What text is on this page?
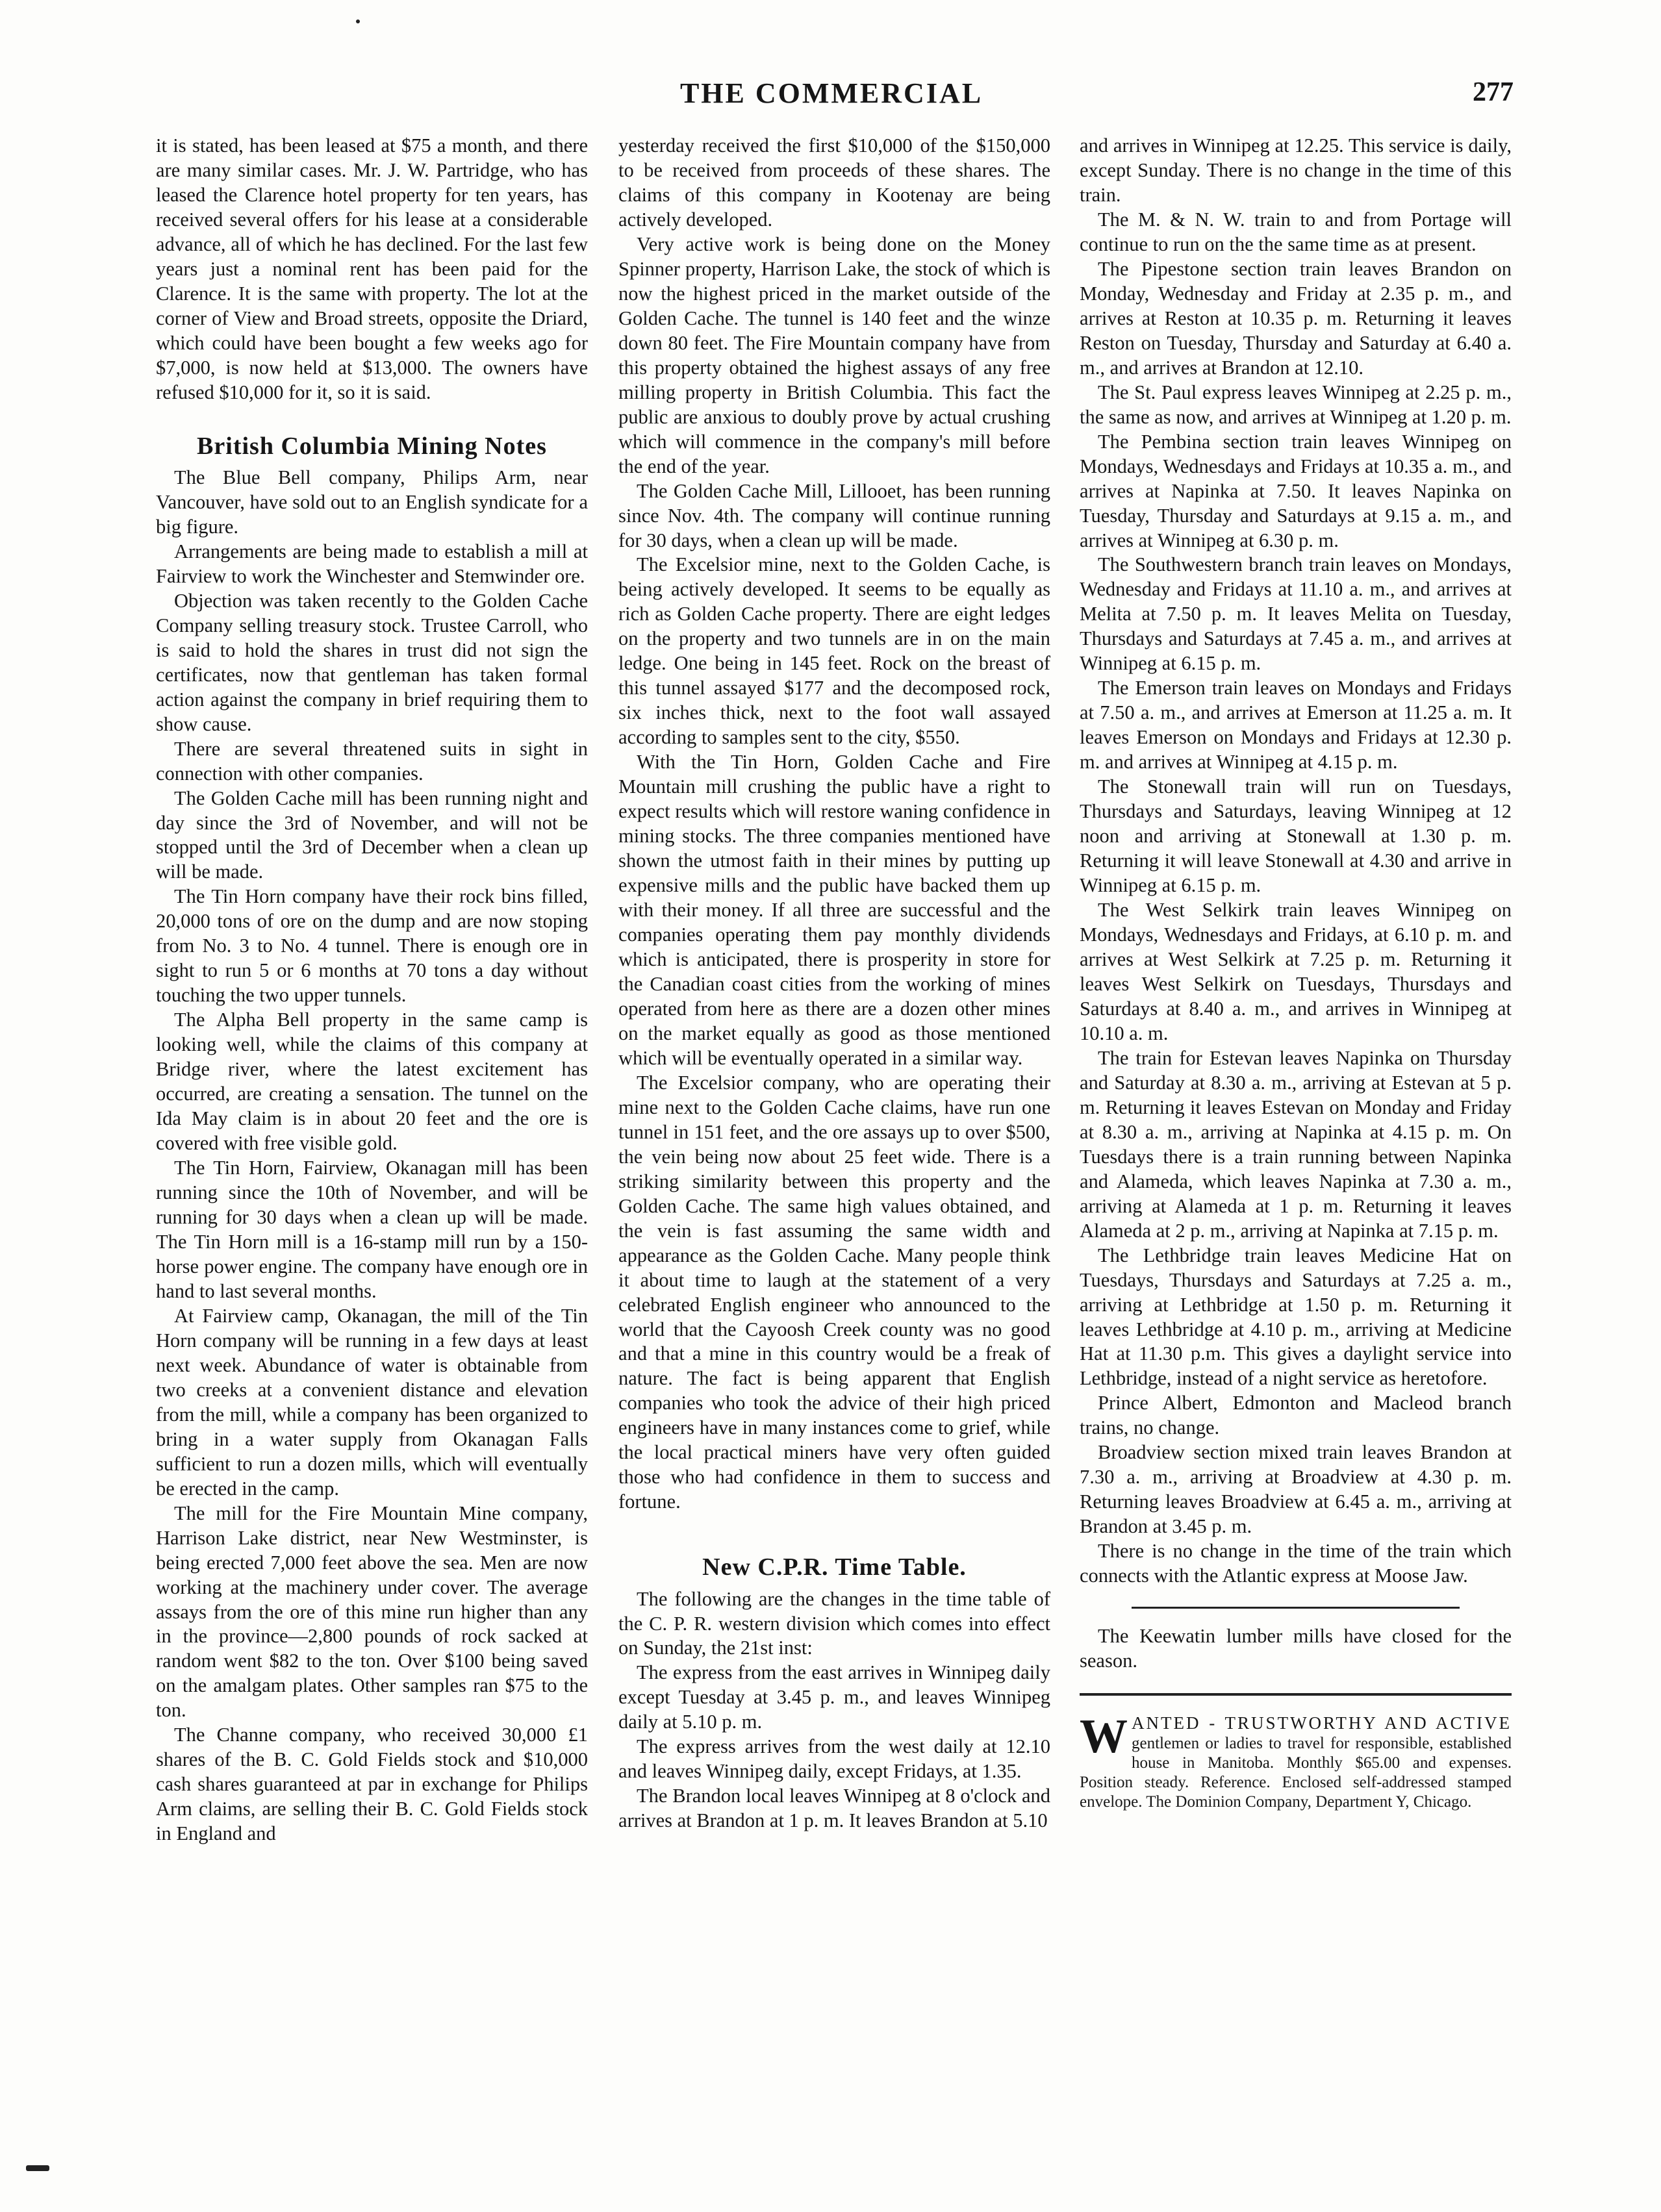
THE COMMERCIAL	277

it is stated, has been leased at $75 a month, and there are many similar cases. Mr. J. W. Partridge, who has leased the Clarence hotel property for ten years, has received several offers for his lease at a considerable advance, all of which he has declined. For the last few years just a nominal rent has been paid for the Clarence. It is the same with property. The lot at the corner of View and Broad streets, opposite the Driard, which could have been bought a few weeks ago for $7,000, is now held at $13,000. The owners have refused $10,000 for it, so it is said.

British Columbia Mining Notes

The Blue Bell company, Philips Arm, near Vancouver, have sold out to an English syndicate for a big figure.

Arrangements are being made to establish a mill at Fairview to work the Winchester and Stemwinder ore.

Objection was taken recently to the Golden Cache Company selling treasury stock. Trustee Carroll, who is said to hold the shares in trust did not sign the certificates, now that gentleman has taken formal action against the company in brief requiring them to show cause.

There are several threatened suits in sight in connection with other companies.

The Golden Cache mill has been running night and day since the 3rd of November, and will not be stopped until the 3rd of December when a clean up will be made.

The Tin Horn company have their rock bins filled, 20,000 tons of ore on the dump and are now stoping from No. 3 to No. 4 tunnel. There is enough ore in sight to run 5 or 6 months at 70 tons a day without touching the two upper tunnels.

The Alpha Bell property in the same camp is looking well, while the claims of this company at Bridge river, where the latest excitement has occurred, are creating a sensation. The tunnel on the Ida May claim is in about 20 feet and the ore is covered with free visible gold.

The Tin Horn, Fairview, Okanagan mill has been running since the 10th of November, and will be running for 30 days when a clean up will be made. The Tin Horn mill is a 16-stamp mill run by a 150-horse power engine. The company have enough ore in hand to last several months.

At Fairview camp, Okanagan, the mill of the Tin Horn company will be running in a few days at least next week. Abundance of water is obtainable from two creeks at a convenient distance and elevation from the mill, while a company has been organized to bring in a water supply from Okanagan Falls sufficient to run a dozen mills, which will eventually be erected in the camp.

The mill for the Fire Mountain Mine company, Harrison Lake district, near New Westminster, is being erected 7,000 feet above the sea. Men are now working at the machinery under cover. The average assays from the ore of this mine run higher than any in the province—2,800 pounds of rock sacked at random went $82 to the ton. Over $100 being saved on the amalgam plates. Other samples ran $75 to the ton.

The Channe company, who received 30,000 £1 shares of the B. C. Gold Fields stock and $10,000 cash shares guaranteed at par in exchange for Philips Arm claims, are selling their B. C. Gold Fields stock in England and

yesterday received the first $10,000 of the $150,000 to be received from proceeds of these shares. The claims of this company in Kootenay are being actively developed.

Very active work is being done on the Money Spinner property, Harrison Lake, the stock of which is now the highest priced in the market outside of the Golden Cache. The tunnel is 140 feet and the winze down 80 feet. The Fire Mountain company have from this property obtained the highest assays of any free milling property in British Columbia. This fact the public are anxious to doubly prove by actual crushing which will commence in the company's mill before the end of the year.

The Golden Cache Mill, Lillooet, has been running since Nov. 4th. The company will continue running for 30 days, when a clean up will be made.

The Excelsior mine, next to the Golden Cache, is being actively developed. It seems to be equally as rich as Golden Cache property. There are eight ledges on the property and two tunnels are in on the main ledge. One being in 145 feet. Rock on the breast of this tunnel assayed $177 and the decomposed rock, six inches thick, next to the foot wall assayed according to samples sent to the city, $550.

With the Tin Horn, Golden Cache and Fire Mountain mill crushing the public have a right to expect results which will restore waning confidence in mining stocks. The three companies mentioned have shown the utmost faith in their mines by putting up expensive mills and the public have backed them up with their money. If all three are successful and the companies operating them pay monthly dividends which is anticipated, there is prosperity in store for the Canadian coast cities from the working of mines operated from here as there are a dozen other mines on the market equally as good as those mentioned which will be eventually operated in a similar way.

The Excelsior company, who are operating their mine next to the Golden Cache claims, have run one tunnel in 151 feet, and the ore assays up to over $500, the vein being now about 25 feet wide. There is a striking similarity between this property and the Golden Cache. The same high values obtained, and the vein is fast assuming the same width and appearance as the Golden Cache. Many people think it about time to laugh at the statement of a very celebrated English engineer who announced to the world that the Cayoosh Creek county was no good and that a mine in this country would be a freak of nature. The fact is being apparent that English companies who took the advice of their high priced engineers have in many instances come to grief, while the local practical miners have very often guided those who had confidence in them to success and fortune.

New C.P.R. Time Table.

The following are the changes in the time table of the C. P. R. western division which comes into effect on Sunday, the 21st inst:

The express from the east arrives in Winnipeg daily except Tuesday at 3.45 p. m., and leaves Winnipeg daily at 5.10 p. m.

The express arrives from the west daily at 12.10 and leaves Winnipeg daily, except Fridays, at 1.35.

The Brandon local leaves Winnipeg at 8 o'clock and arrives at Brandon at 1 p. m. It leaves Brandon at 5.10

and arrives in Winnipeg at 12.25. This service is daily, except Sunday. There is no change in the time of this train.

The M. & N. W. train to and from Portage will continue to run on the the same time as at present.

The Pipestone section train leaves Brandon on Monday, Wednesday and Friday at 2.35 p. m., and arrives at Reston at 10.35 p. m. Returning it leaves Reston on Tuesday, Thursday and Saturday at 6.40 a. m., and arrives at Brandon at 12.10.

The St. Paul express leaves Winnipeg at 2.25 p. m., the same as now, and arrives at Winnipeg at 1.20 p. m.

The Pembina section train leaves Winnipeg on Mondays, Wednesdays and Fridays at 10.35 a. m., and arrives at Napinka at 7.50. It leaves Napinka on Tuesday, Thursday and Saturdays at 9.15 a. m., and arrives at Winnipeg at 6.30 p. m.

The Southwestern branch train leaves on Mondays, Wednesday and Fridays at 11.10 a. m., and arrives at Melita at 7.50 p. m. It leaves Melita on Tuesday, Thursdays and Saturdays at 7.45 a. m., and arrives at Winnipeg at 6.15 p. m.

The Emerson train leaves on Mondays and Fridays at 7.50 a. m., and arrives at Emerson at 11.25 a. m. It leaves Emerson on Mondays and Fridays at 12.30 p. m. and arrives at Winnipeg at 4.15 p. m.

The Stonewall train will run on Tuesdays, Thursdays and Saturdays, leaving Winnipeg at 12 noon and arriving at Stonewall at 1.30 p. m. Returning it will leave Stonewall at 4.30 and arrive in Winnipeg at 6.15 p. m.

The West Selkirk train leaves Winnipeg on Mondays, Wednesdays and Fridays, at 6.10 p. m. and arrives at West Selkirk at 7.25 p. m. Returning it leaves West Selkirk on Tuesdays, Thursdays and Saturdays at 8.40 a. m., and arrives in Winnipeg at 10.10 a. m.

The train for Estevan leaves Napinka on Thursday and Saturday at 8.30 a. m., arriving at Estevan at 5 p. m. Returning it leaves Estevan on Monday and Friday at 8.30 a. m., arriving at Napinka at 4.15 p. m. On Tuesdays there is a train running between Napinka and Alameda, which leaves Napinka at 7.30 a. m., arriving at Alameda at 1 p. m. Returning it leaves Alameda at 2 p. m., arriving at Napinka at 7.15 p. m.

The Lethbridge train leaves Medicine Hat on Tuesdays, Thursdays and Saturdays at 7.25 a. m., arriving at Lethbridge at 1.50 p. m. Returning it leaves Lethbridge at 4.10 p. m., arriving at Medicine Hat at 11.30 p.m. This gives a daylight service into Lethbridge, instead of a night service as heretofore.

Prince Albert, Edmonton and Macleod branch trains, no change.

Broadview section mixed train leaves Brandon at 7.30 a. m., arriving at Broadview at 4.30 p. m. Returning leaves Broadview at 6.45 a. m., arriving at Brandon at 3.45 p. m.

There is no change in the time of the train which connects with the Atlantic express at Moose Jaw.

The Keewatin lumber mills have closed for the season.

W ANTED - TRUSTWORTHY AND ACTIVE gentlemen or ladies to travel for responsible, established house in Manitoba. Monthly $65.00 and expenses. Position steady. Reference. Enclosed self-addressed stamped envelope. The Dominion Company, Department Y, Chicago.
